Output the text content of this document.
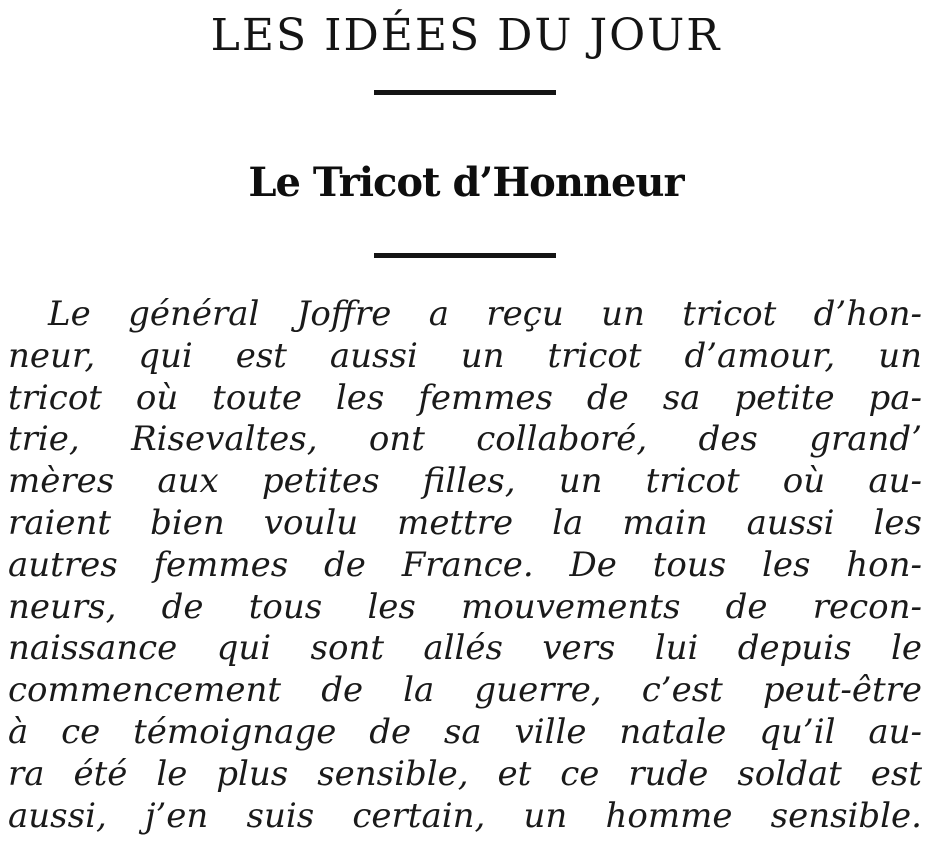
LES IDÉES DU JOUR
Le Tricot d’Honneur
Le général Joffre a reçu un tricot d’hon-
neur, qui est aussi un tricot d’amour, un
tricot où toute les femmes de sa petite pa-
trie, Risevaltes, ont collaboré, des grand’
mères aux petites filles, un tricot où au-
raient bien voulu mettre la main aussi les
autres femmes de France. De tous les hon-
neurs, de tous les mouvements de recon-
naissance qui sont allés vers lui depuis le
commencement de la guerre, c’est peut-être
à ce témoignage de sa ville natale qu’il au-
ra été le plus sensible, et ce rude soldat est
aussi, j’en suis certain, un homme sensible.
